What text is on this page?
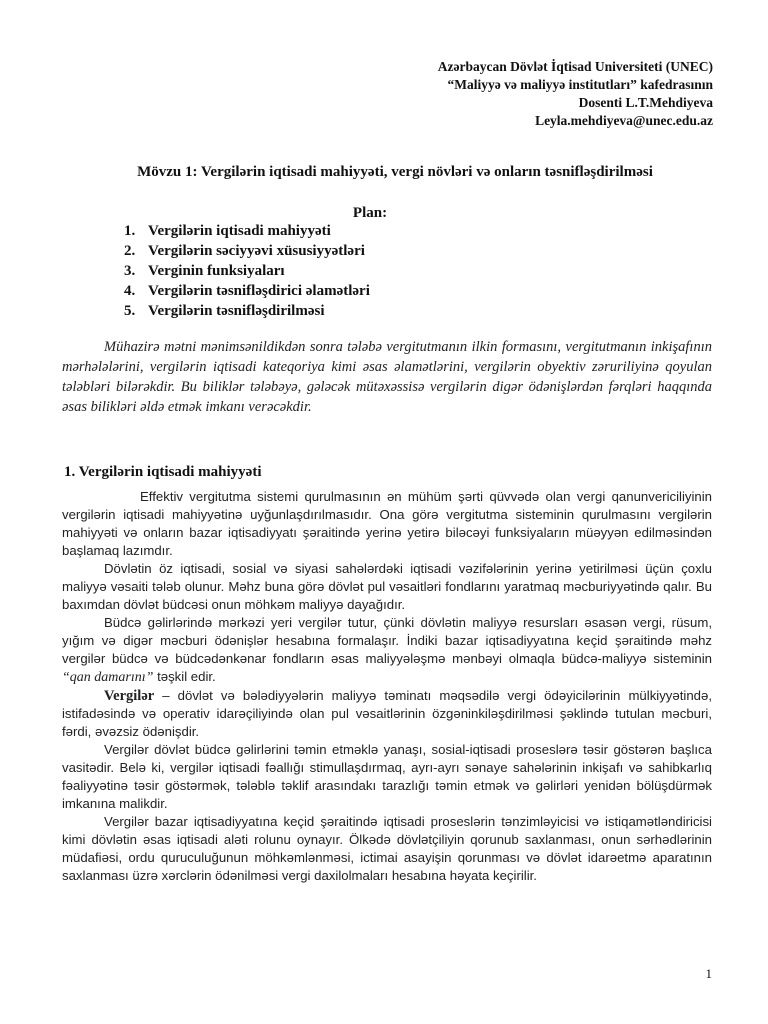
Azərbaycan Dövlət İqtisad Universiteti (UNEC)
“Maliyyə və maliyyə institutları” kafedrasının
Dosenti L.T.Mehdiyeva
Leyla.mehdiyeva@unec.edu.az
Mövzu 1: Vergilərin iqtisadi mahiyyəti, vergi növləri və onların təsnifləşdirilməsi
Plan:
1. Vergilərin iqtisadi mahiyyəti
2. Vergilərin səciyyəvi xüsusiyyətləri
3. Verginin funksiyaları
4. Vergilərin təsnifləşdirici əlamətləri
5. Vergilərin təsnifləşdirilməsi
Mühazirə mətni mənimsənildikdən sonra tələbə vergitutmanın ilkin formasını, vergitutmanın inkişafının mərhələlərini, vergilərin iqtisadi kateqoriya kimi əsas əlamətlərini, vergilərin obyektiv zəruriliyinə qoyulan tələbləri bilərəkdir. Bu biliklər tələbəyə, gələcək mütəxəssisə vergilərin digər ödənişlərdən fərqləri haqqında əsas bilikləri əldə etmək imkanı verəcəkdir.
1. Vergilərin iqtisadi mahiyyəti

Effektiv vergitutma sistemi qurulmasının ən mühüm şərti qüvvədə olan vergi qanunvericiliyinin vergilərin iqtisadi mahiyyətinə uyğunlaşdırılmasıdır. Ona görə vergitutma sisteminin qurulmasını vergilərin mahiyyəti və onların bazar iqtisadiyyatı şəraitində yerinə yetirə biləcəyi funksiyaların müəyyən edilməsindən başlamaq lazımdır.

Dövlətin öz iqtisadi, sosial və siyasi sahələrdəki iqtisadi vəzifələrinin yerinə yetirilməsi üçün çoxlu maliyyə vəsaiti tələb olunur. Məhz buna görə dövlət pul vəsaitləri fondlarını yaratmaq məcburiyyətində qalır. Bu baxımdan dövlət büdcəsi onun möhkəm maliyyə dayağıdır.

Büdcə gəlirlərində mərkəzi yeri vergilər tutur, çünki dövlətin maliyyə resursları əsasən vergi, rüsum, yığım və digər məcburi ödənişlər hesabına formalaşır. İndiki bazar iqtisadiyyatına keçid şəraitində məhz vergilər büdcə və büdcədənkənar fondların əsas maliyyələşmə mənbəyi olmaqla büdcə-maliyyə sisteminin “qan damarını” təşkil edir.

Vergilər – dövlət və bələdiyyələrin maliyyə təminatı məqsədilə vergi ödəyicilərinin mülkiyyətində, istifadəsində və operativ idarəçiliyində olan pul vəsaitlərinin özgəninkiləşdirilməsi şəklində tutulan məcburi, fərdi, əvəzsiz ödənişdir.

Vergilər dövlət büdcə gəlirlərini təmin etməklə yanaşı, sosial-iqtisadi proseslərə təsir göstərən başlıca vasitədir. Belə ki, vergilər iqtisadi fəallığı stimullaşdırmaq, ayrı-ayrı sənaye sahələrinin inkişafı və sahibkarlıq fəaliyyətinə təsir göstərmək, tələblə təklif arasındakı tarazlığı təmin etmək və gəlirləri yenidən bölüşdürmək imkanına malikdir.

Vergilər bazar iqtisadiyyatına keçid şəraitində iqtisadi proseslərin tənzimləyicisi və istiqamətləndiricisi kimi dövlətin əsas iqtisadi aləti rolunu oynayır. Ölkədə dövlətçiliyin qorunub saxlanması, onun sərhədlərinin müdafiəsi, ordu quruculuğunun möhkəmlənməsi, ictimai asayişin qorunması və dövlət idarəetmə aparatının saxlanması üzrə xərclərin ödənilməsi vergi daxilolmaları hesabına həyata keçirilir.

1
